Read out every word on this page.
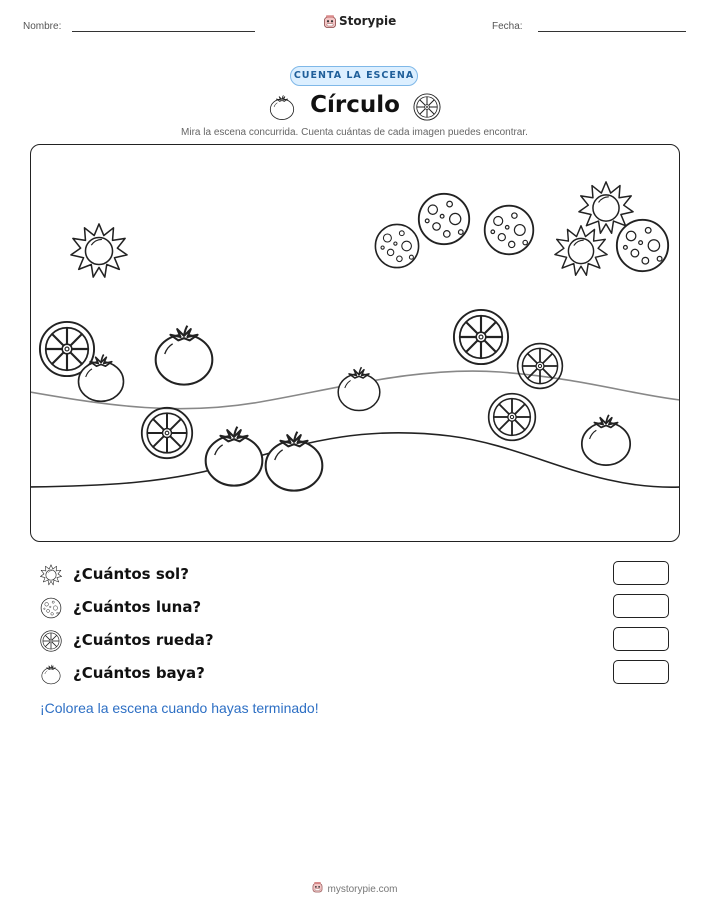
Nombre:	Storypie	Fecha:
CUENTA LA ESCENA
Círculo
Mira la escena concurrida. Cuenta cuántas de cada imagen puedes encontrar.
¿Cuántos sol?
¿Cuántos luna?
¿Cuántos rueda?
¿Cuántos baya?
¡Colorea la escena cuando hayas terminado!
mystorypie.com
